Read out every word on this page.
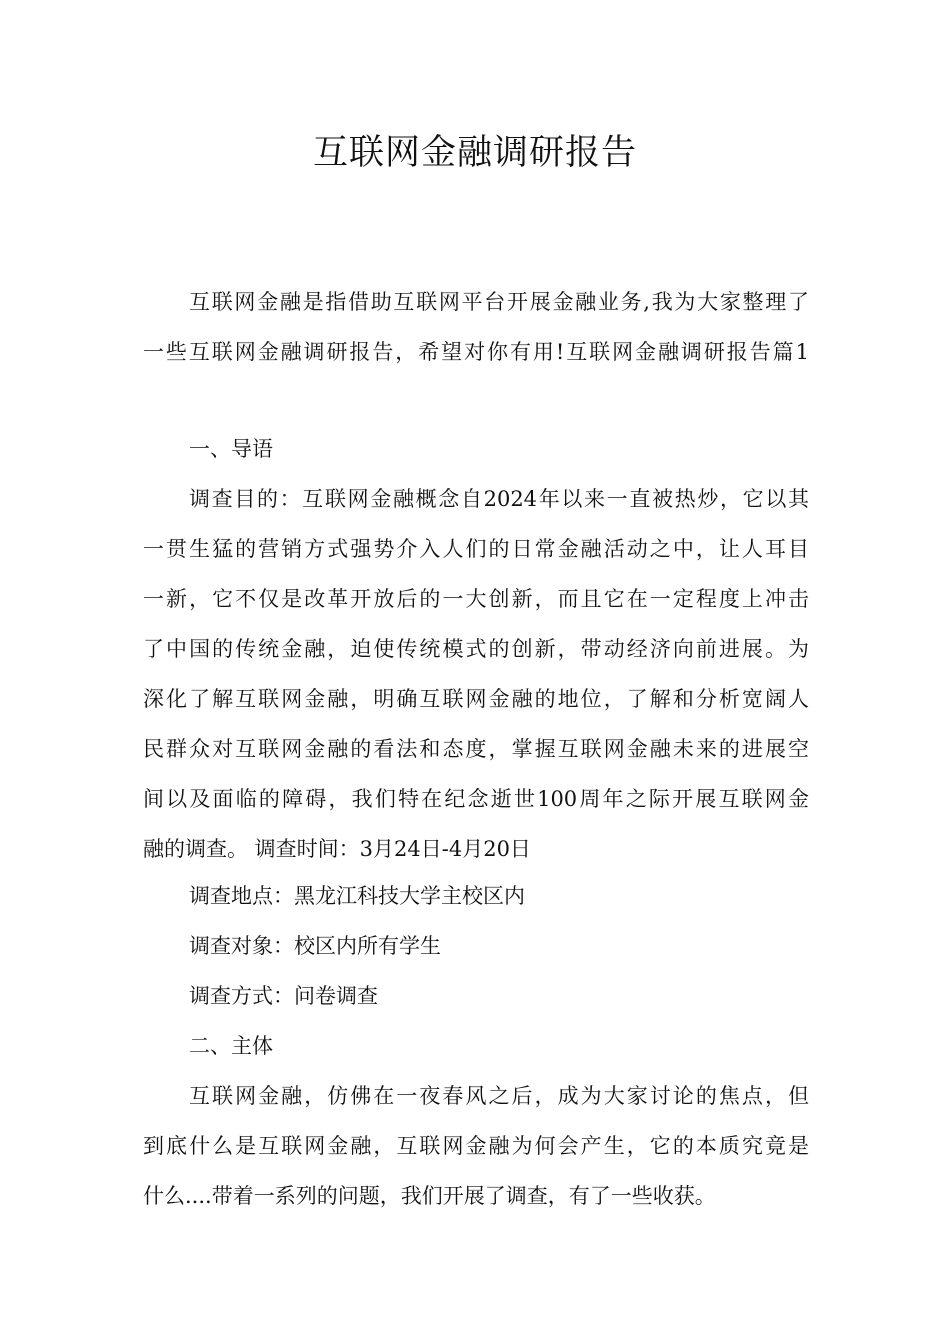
互联网金融调研报告
互联网金融是指借助互联网平台开展金融业务,我为大家整理了
一些互联网金融调研报告，希望对你有用!互联网金融调研报告篇1
一、导语
调查目的：互联网金融概念自2024年以来一直被热炒，它以其
一贯生猛的营销方式强势介入人们的日常金融活动之中，让人耳目
一新，它不仅是改革开放后的一大创新，而且它在一定程度上冲击
了中国的传统金融，迫使传统模式的创新，带动经济向前进展。为
深化了解互联网金融，明确互联网金融的地位，了解和分析宽阔人
民群众对互联网金融的看法和态度，掌握互联网金融未来的进展空
间以及面临的障碍，我们特在纪念逝世100周年之际开展互联网金
融的调查。 调查时间：3月24日-4月20日
调查地点：黑龙江科技大学主校区内
调查对象：校区内所有学生
调查方式：问卷调查
二、主体
互联网金融，仿佛在一夜春风之后，成为大家讨论的焦点，但
到底什么是互联网金融，互联网金融为何会产生，它的本质究竟是
什么....带着一系列的问题，我们开展了调查，有了一些收获。
